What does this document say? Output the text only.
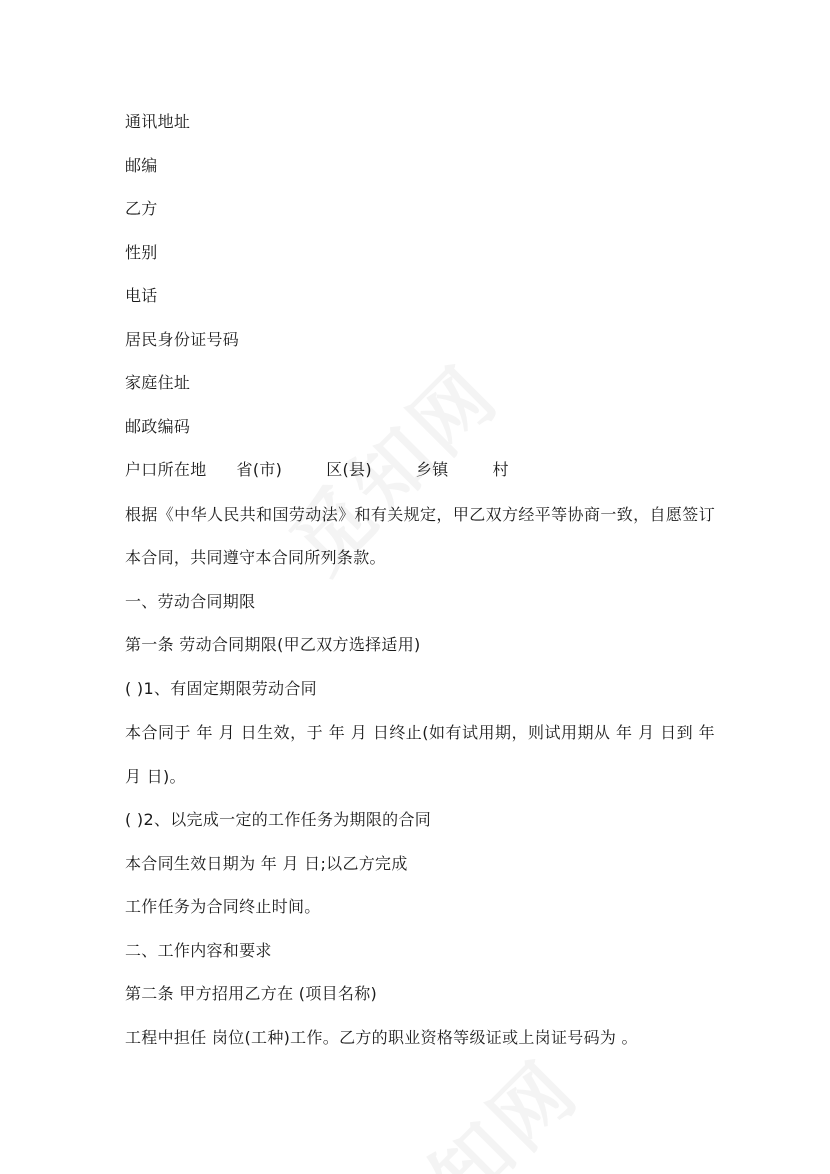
通讯地址
邮编
乙方
性别
电话
居民身份证号码
家庭住址
邮政编码
户口所在地 省(市)	区(县)	乡镇	村
根据《中华人民共和国劳动法》和有关规定，甲乙双方经平等协商一致，自愿签订本合同，共同遵守本合同所列条款。
一、劳动合同期限
第一条 劳动合同期限(甲乙双方选择适用)
( )1、有固定期限劳动合同
本合同于 年 月 日生效，于 年 月 日终止(如有试用期，则试用期从 年 月 日到 年 月 日)。
( )2、以完成一定的工作任务为期限的合同
本合同生效日期为 年 月 日;以乙方完成
工作任务为合同终止时间。
二、工作内容和要求
第二条 甲方招用乙方在 (项目名称)
工程中担任 岗位(工种)工作。乙方的职业资格等级证或上岗证号码为 。
